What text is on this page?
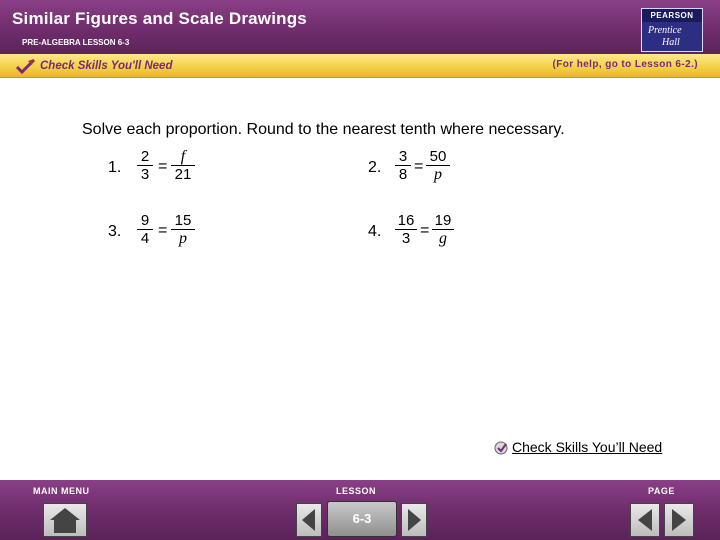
Similar Figures and Scale Drawings
PRE-ALGEBRA LESSON 6-3
PEARSON
Prentice
Hall
Check Skills You'll Need	(For help, go to Lesson 6-2.)
Solve each proportion. Round to the nearest tenth where necessary.
1. $\frac{2}{3} = \frac{f}{21}$	2. $\frac{3}{8} = \frac{50}{p}$
3. $\frac{9}{4} = \frac{15}{p}$	4. $\frac{16}{3} = \frac{19}{g}$
Check Skills You’ll Need
MAIN MENU	LESSON	PAGE
6-3
